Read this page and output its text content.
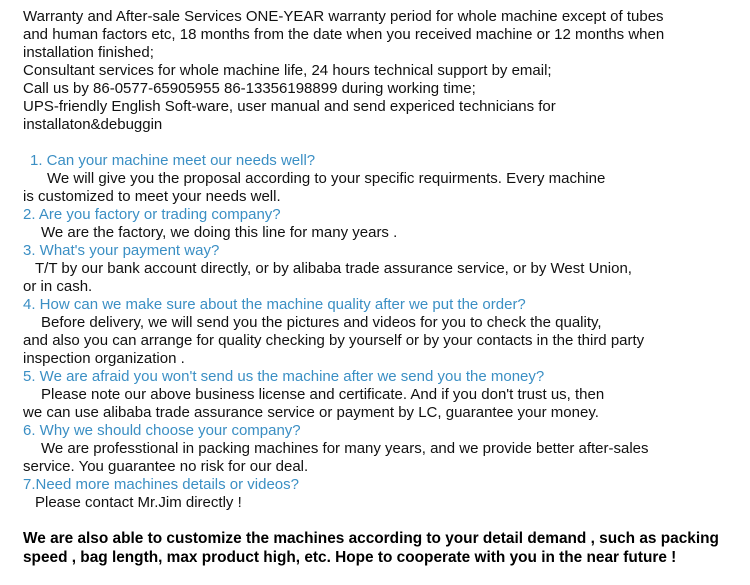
Warranty and After-sale Services ONE-YEAR warranty period for whole machine except of tubes
and human factors etc, 18 months from the date when you received machine or 12 months when
installation finished;
Consultant services for whole machine life, 24 hours technical support by email;
Call us by 86-0577-65905955 86-13356198899 during working time;
UPS-friendly English Soft-ware, user manual and send expericed technicians for
installaton&debuggin
1. Can your machine meet our needs well?
We will give you the proposal according to your specific requirments. Every machine
is customized to meet your needs well.
2. Are you factory or trading company?
We are the factory, we doing this line for many years .
3. What's your payment way?
T/T by our bank account directly, or by alibaba trade assurance service, or by West Union,
or in cash.
4. How can we make sure about the machine quality after we put the order?
Before delivery, we will send you the pictures and videos for you to check the quality,
and also you can arrange for quality checking by yourself or by your contacts in the third party
inspection organization .
5. We are afraid you won't send us the machine after we send you the money?
Please note our above business license and certificate. And if you don't trust us, then
we can use alibaba trade assurance service or payment by LC, guarantee your money.
6. Why we should choose your company?
We are professtional in packing machines for many years, and we provide better after-sales
service. You guarantee no risk for our deal.
7.Need more machines details or videos?
Please contact Mr.Jim directly !
We are also able to customize the machines according to your detail demand , such as packing
speed , bag length, max product high, etc. Hope to cooperate with you in the near future !
